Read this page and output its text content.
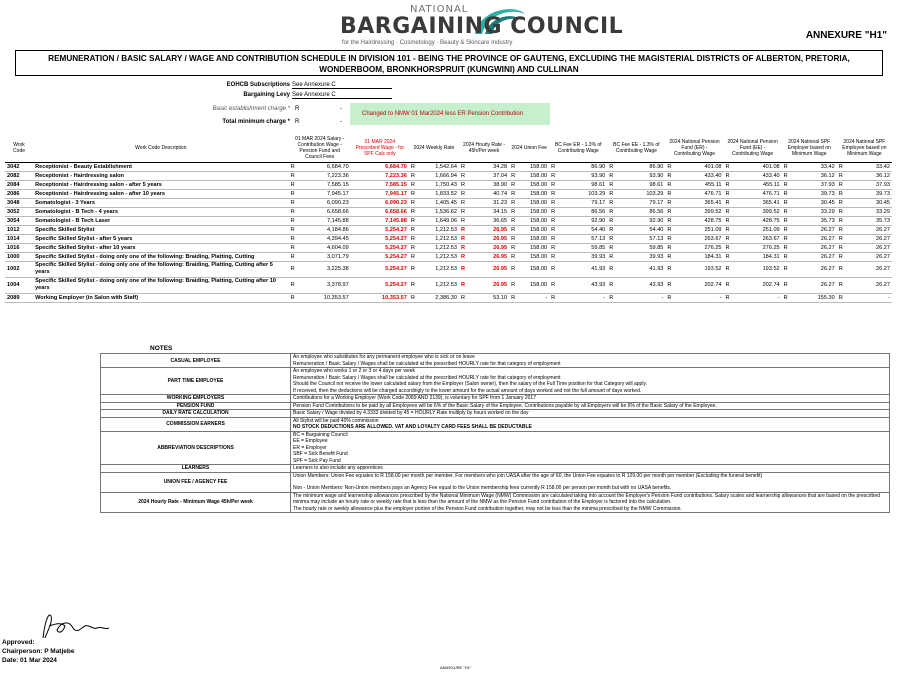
NATIONAL
BARGAINING COUNCIL
for the Hairdressing · Cosmetology · Beauty & Skincare Industry
ANNEXURE "H1"
REMUNERATION / BASIC SALARY / WAGE AND CONTRIBUTION SCHEDULE IN DIVISION 101 - BEING THE PROVINCE OF GAUTENG, EXCLUDING THE MAGISTERIAL DISTRICTS OF ALBERTON, PRETORIA, WONDERBOOM, BRONKHORSPRUIT (KUNGWINI) AND CULLINAN
EOHCB Subscriptions See Annexure C
Bargaining Levy See Annexure C
Basic establishment charge * R	-
Total minimum charge * R	-
Changed to NMW 01 Mar2024 less ER Pension Contribution
Work Code	Work Code Description	01 MAR 2024 Salary - Contribution Wage - Pension Fund and Council Fees	01 MAR 2024 Prescribed Wage - for SPF Calc only	2024 Weekly Rate	2024 Hourly Rate - 45h/Per week	2024 Union Fee	BC Fee ER - 1.3% of Contributing Wage	BC Fee EE - 1.3% of Contributing Wage	2024 National Pension Fund (ER) - Contributing Wage	2024 National Pension Fund (EE) - Contributing Wage	2024 National SPF Employer based on Minimum Wage	2024 National SPF Employee based on Minimum Wage
3042	Receptionist - Beauty Establishment	R 6,684.70	6,684.70	R 1,542.64	R 34.28	R 158.00	R 86.90	R 86.90	R 401.08	R 401.08	R 33.42	R 33.42
2082	Receptionist - Hairdressing salon	R 7,223.36	7,223.36	R 1,666.94	R 37.04	R 158.00	R 93.90	R 93.90	R 433.40	R 433.40	R 36.12	R 36.12
2084	Receptionist - Hairdressing salon - after 5 years	R 7,585.15	7,585.15	R 1,750.43	R 38.90	R 158.00	R 98.61	R 98.61	R 455.11	R 455.11	R 37.93	R 37.93
2086	Receptionist - Hairdressing salon - after 10 years	R 7,945.17	7,945.17	R 1,833.52	R 40.74	R 158.00	R 103.29	R 103.29	R 476.71	R 476.71	R 39.73	R 39.73
3048	Somatologist - 3 Years	R 6,090.23	6,090.23	R 1,405.45	R 31.23	R 158.00	R 79.17	R 79.17	R 365.41	R 365.41	R 30.45	R 30.45
3052	Somatologist - B Tech - 4 years	R 6,658.66	6,658.66	R 1,536.62	R 34.15	R 158.00	R 86.56	R 86.56	R 399.52	R 399.52	R 33.29	R 33.29
3054	Somatologist - B Tech Laser	R 7,145.88	7,145.88	R 1,649.06	R 36.65	R 158.00	R 92.90	R 92.90	R 428.75	R 428.75	R 35.73	R 35.73
1012	Specific Skilled Stylist	R 4,184.86	5,254.27	R 1,212.53	R 26.95	R 158.00	R 54.40	R 54.40	R 251.09	R 251.09	R 26.27	R 26.27
1014	Specific Skilled Stylist - after 5 years	R 4,394.45	5,254.27	R 1,212.53	R 26.95	R 158.00	R 57.13	R 57.13	R 263.67	R 263.67	R 26.27	R 26.27
1016	Specific Skilled Stylist - after 10 years	R 4,604.09	5,254.27	R 1,212.53	R 26.95	R 158.00	R 59.85	R 59.85	R 276.25	R 276.25	R 26.27	R 26.27
1000	Specific Skilled Stylist - doing only one of the following: Braiding, Platting, Cutting	R 3,071.79	5,254.27	R 1,212.53	R 26.95	R 158.00	R 39.93	R 39.93	R 184.31	R 184.31	R 26.27	R 26.27
1002	Specific Skilled Stylist - doing only one of the following: Braiding, Platting, Cutting after 5 years	R 3,225.38	5,254.27	R 1,212.53	R 26.95	R 158.00	R 41.93	R 41.93	R 193.52	R 193.52	R 26.27	R 26.27
1004	Specific Skilled Stylist - doing only one of the following: Braiding, Platting, Cutting after 10 years	R 3,378.97	5,254.27	R 1,212.53	R 26.95	R 158.00	R 43.93	R 43.93	R 202.74	R 202.74	R 26.27	R 26.27
2089	Working Employer (in Salon with Staff)	R 10,353.57	10,353.57	R 2,386.30	R 53.10	R -	R -	R -	R -	R -	R 155.30	R -
NOTES
CASUAL EMPLOYEE	An employee who substitutes for any permanent employee who is sick or on leave
Remuneration / Basic Salary / Wages shall be calculated at the prescribed HOURLY rate for that category of employment

PART TIME EMPLOYEE	An employee who works 1 or 2 or 3 or 4 days per week
Remuneration / Basic Salary / Wages shall be calculated at the prescribed HOURLY rate for that category of employment
Should the Council not receive the lower calculated salary from the Employer (Salon owner), then the salary of the Full Time position for that Category will apply.
If received, then the deductions will be charged accordingly to the lower amount for the actual amount of days worked and not the full amount of days worked.

WORKING EMPLOYERS	Contributions for a Working Employer (Work Code 2089 AND 2139), is voluntary for SPF from 1 January 2017

PENSION FUND	Pension Fund Contributions to be paid by all Employees will be 6% of the Basic Salary of the Employee. Contributions payable by all Employers will be 6% of the Basic Salary of the Employee.

DAILY RATE CALCULATION	Basic Salary / Wage divided by 4.3333 divided by 45 = HOURLY Rate multiply by hours worked on the day

COMMISSION EARNERS	All Stylist will be paid 40% commission
NO STOCK DEDUCTIONS ARE ALLOWED. VAT AND LOYALTY CARD FEES SHALL BE DEDUCTABLE

ABBREVIATION DESCRIPTIONS	BC = Bargaining Council
EE = Employee
ER = Employer
SBF = Sick Benefit Fund
SPF = Sick Pay Fund

LEARNERS	Learners to also include any apprentices

UNION FEE / AGENCY FEE	Union Members: Union Fee equates to R 158.00 per month per member. For members who join UASA after the age of 60, the Union Fee equates to R 129.00 per month per member (Excluding the funeral benefit)
Non - Union Members: Non-Union members pays an Agency Fee equal to the Union membership fees currently R 158.00 per person per month but with no UASA benefits.

2024 Hourly Rate - Minimum Wage 45h/Per week	The minimum wage and learnership allowances prescribed by the National Minimum Wage (NMW) Commission are calculated taking into account the Employer's Pension Fund contributions. Salary scales and learnership allowances that are based on the prescribed minima may include an hourly rate or weekly rate that is less than the amount of the NMW as the Pension Fund contribution of the Employer is factored into the calculation.
The hourly rate or weekly allowance plus the employer portion of the Pension Fund contribution together, may not be less than the minima prescribed by the NMW Commission.
Approved:
Chairperson: P Matjebe
Date: 01 Mar 2024
ANNEXURE "H1"
